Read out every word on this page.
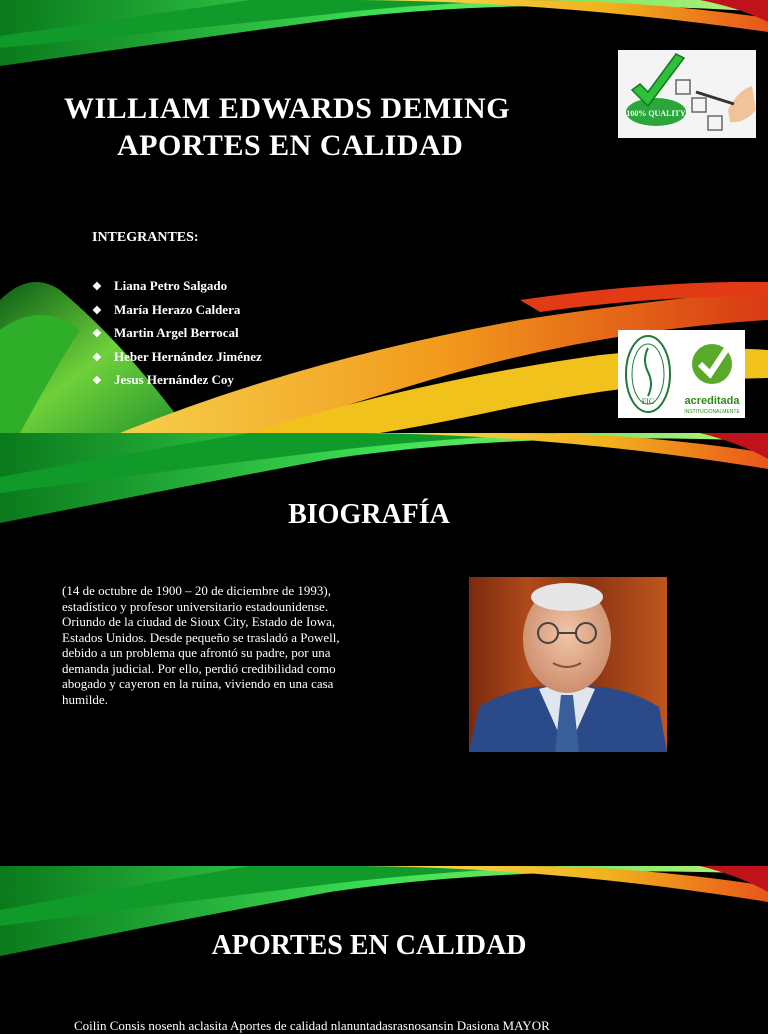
WILLIAM EDWARDS DEMING
APORTES EN CALIDAD
100% QUALITY
INTEGRANTES:
❖ Liana Petro Salgado
❖ María Herazo Caldera
❖ Martin Argel Berrocal
❖ Heber Hernández Jiménez
❖ Jesus Hernández Coy
FIC	acreditada
INSTITUCIONALMENTE
BIOGRAFÍA

(14 de octubre de 1900 – 20 de diciembre de 1993), estadístico y profesor universitario estadounidense. Oriundo de la ciudad de Sioux City, Estado de Iowa, Estados Unidos. Desde pequeño se trasladó a Powell, debido a un problema que afrontó su padre, por una demanda judicial. Por ello, perdió credibilidad como abogado y cayeron en la ruina, viviendo en una casa humilde.

APORTES EN CALIDAD

Coilin Consis nosenh aclasita Aportes de calidad nlanuntadasrasnosansin Dasiona MAYOR
